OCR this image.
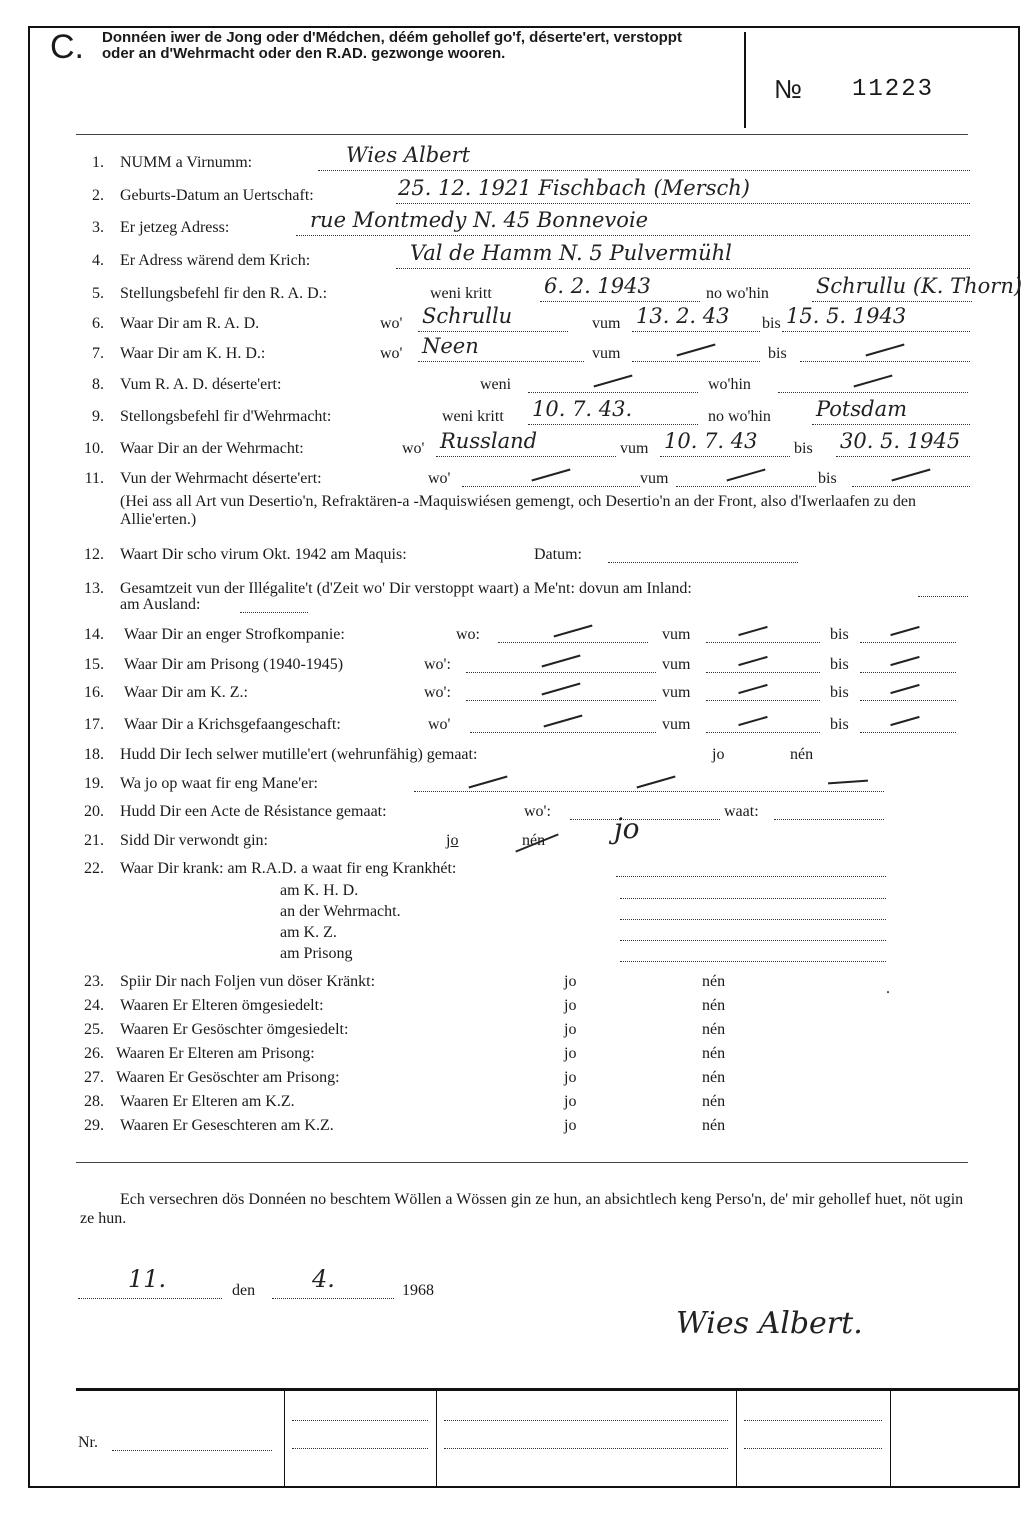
C. Donnéen iwer de Jong oder d'Médchen, déém gehollef go'f, déserte'ert, verstoppt oder an d'Wehrmacht oder den R.AD. gezwonge wooren.
№ 11223
1. NUMM a Virnumm:	Wies Albert
2. Geburts-Datum an Uertschaft:	25. 12. 1921 Fischbach (Mersch)
3. Er jetzeg Adress:	rue Montmedy N. 45 Bonnevoie
4. Er Adress wärend dem Krich:	Val de Hamm N. 5 Pulvermühl
5. Stellungsbefehl fir den R. A. D.:	weni kritt 6. 2. 1943	no wo'hin Schrullu (K. Thorn)
6. Waar Dir am R. A. D.	wo' Schrullu	vum 13. 2. 43 bis 15. 5. 1943
7. Waar Dir am K. H. D.:	wo' Neen	vum	bis
8. Vum R. A. D. déserte'ert:	weni	wo'hin
9. Stellongsbefehl fir d'Wehrmacht:	weni kritt 10. 7. 43.	no wo'hin Potsdam
10. Waar Dir an der Wehrmacht:	wo' Russland	vum 10. 7. 43 bis 30. 5. 1945
11. Vun der Wehrmacht déserte'ert:	wo'	vum	bis
(Hei ass all Art vun Desertio'n, Refraktären-a -Maquiswiésen gemengt, och Desertio'n an der Front, also d'Iwerlaafen zu den Allie'erten.)
12. Waart Dir scho virum Okt. 1942 am Maquis:	Datum:
13. Gesamtzeit vun der Illégalite't (d'Zeit wo' Dir verstoppt waart) a Me'nt: dovun am Inland:
am Ausland:
14. Waar Dir an enger Strofkompanie:	wo:	vum	bis
15. Waar Dir am Prisong (1940-1945)	wo':	vum	bis
16. Waar Dir am K. Z.:	wo':	vum	bis
17. Waar Dir a Krichsgefaangeschaft:	wo'	vum	bis
18. Hudd Dir Iech selwer mutille'ert (wehrunfähig) gemaat:	jo	nén
19. Wa jo op waat fir eng Mane'er:
20. Hudd Dir een Acte de Résistance gemaat:	wo':	waat:
21. Sidd Dir verwondt gin:	jo	nén jo
22. Waar Dir krank: am R.A.D. a waat fir eng Krankhét:
am K. H. D.
an der Wehrmacht.
am K. Z.
am Prisong
23. Spiir Dir nach Foljen vun döser Kränkt:	jo	nén
24. Waaren Er Elteren ömgesiedelt:	jo	nén
25. Waaren Er Gesöschter ömgesiedelt:	jo	nén
26. Waaren Er Elteren am Prisong:	jo	nén
27. Waaren Er Gesöschter am Prisong:	jo	nén
28. Waaren Er Elteren am K.Z.	jo	nén
29. Waaren Er Geseschteren am K.Z.	jo	nén
.
Ech versechren dös Donnéen no beschtem Wöllen a Wössen gin ze hun, an absichtlech keng Perso'n, de' mir gehollef huet, nöt ugin ze hun.
11.	den 4.	1968
Wies Albert.
Nr.
